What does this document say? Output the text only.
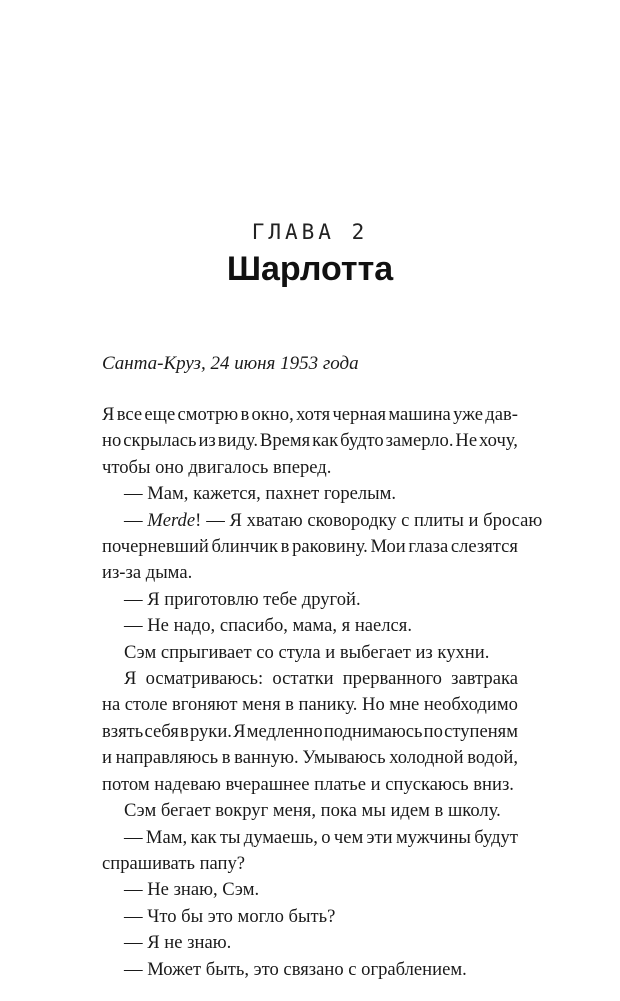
ГЛАВА 2
Шарлотта
Санта-Круз, 24 июня 1953 года
Я все еще смотрю в окно, хотя черная машина уже дав-
но скрылась из виду. Время как будто замерло. Не хочу,
чтобы оно двигалось вперед.
— Мам, кажется, пахнет горелым.
— Merde ! — Я хватаю сковородку с плиты и бросаю
почерневший блинчик в раковину. Мои глаза слезятся
из-за дыма.
— Я приготовлю тебе другой.
— Не надо, спасибо, мама, я наелся.
Сэм спрыгивает со стула и выбегает из кухни.
Я осматриваюсь: остатки прерванного завтрака
на столе вгоняют меня в панику. Но мне необходимо
взять себя в руки. Я медленно поднимаюсь по ступеням
и направляюсь в ванную. Умываюсь холодной водой,
потом надеваю вчерашнее платье и спускаюсь вниз.
Сэм бегает вокруг меня, пока мы идем в школу.
— Мам, как ты думаешь, о чем эти мужчины будут
спрашивать папу?
— Не знаю, Сэм.
— Что бы это могло быть?
— Я не знаю.
— Может быть, это связано с ограблением.
